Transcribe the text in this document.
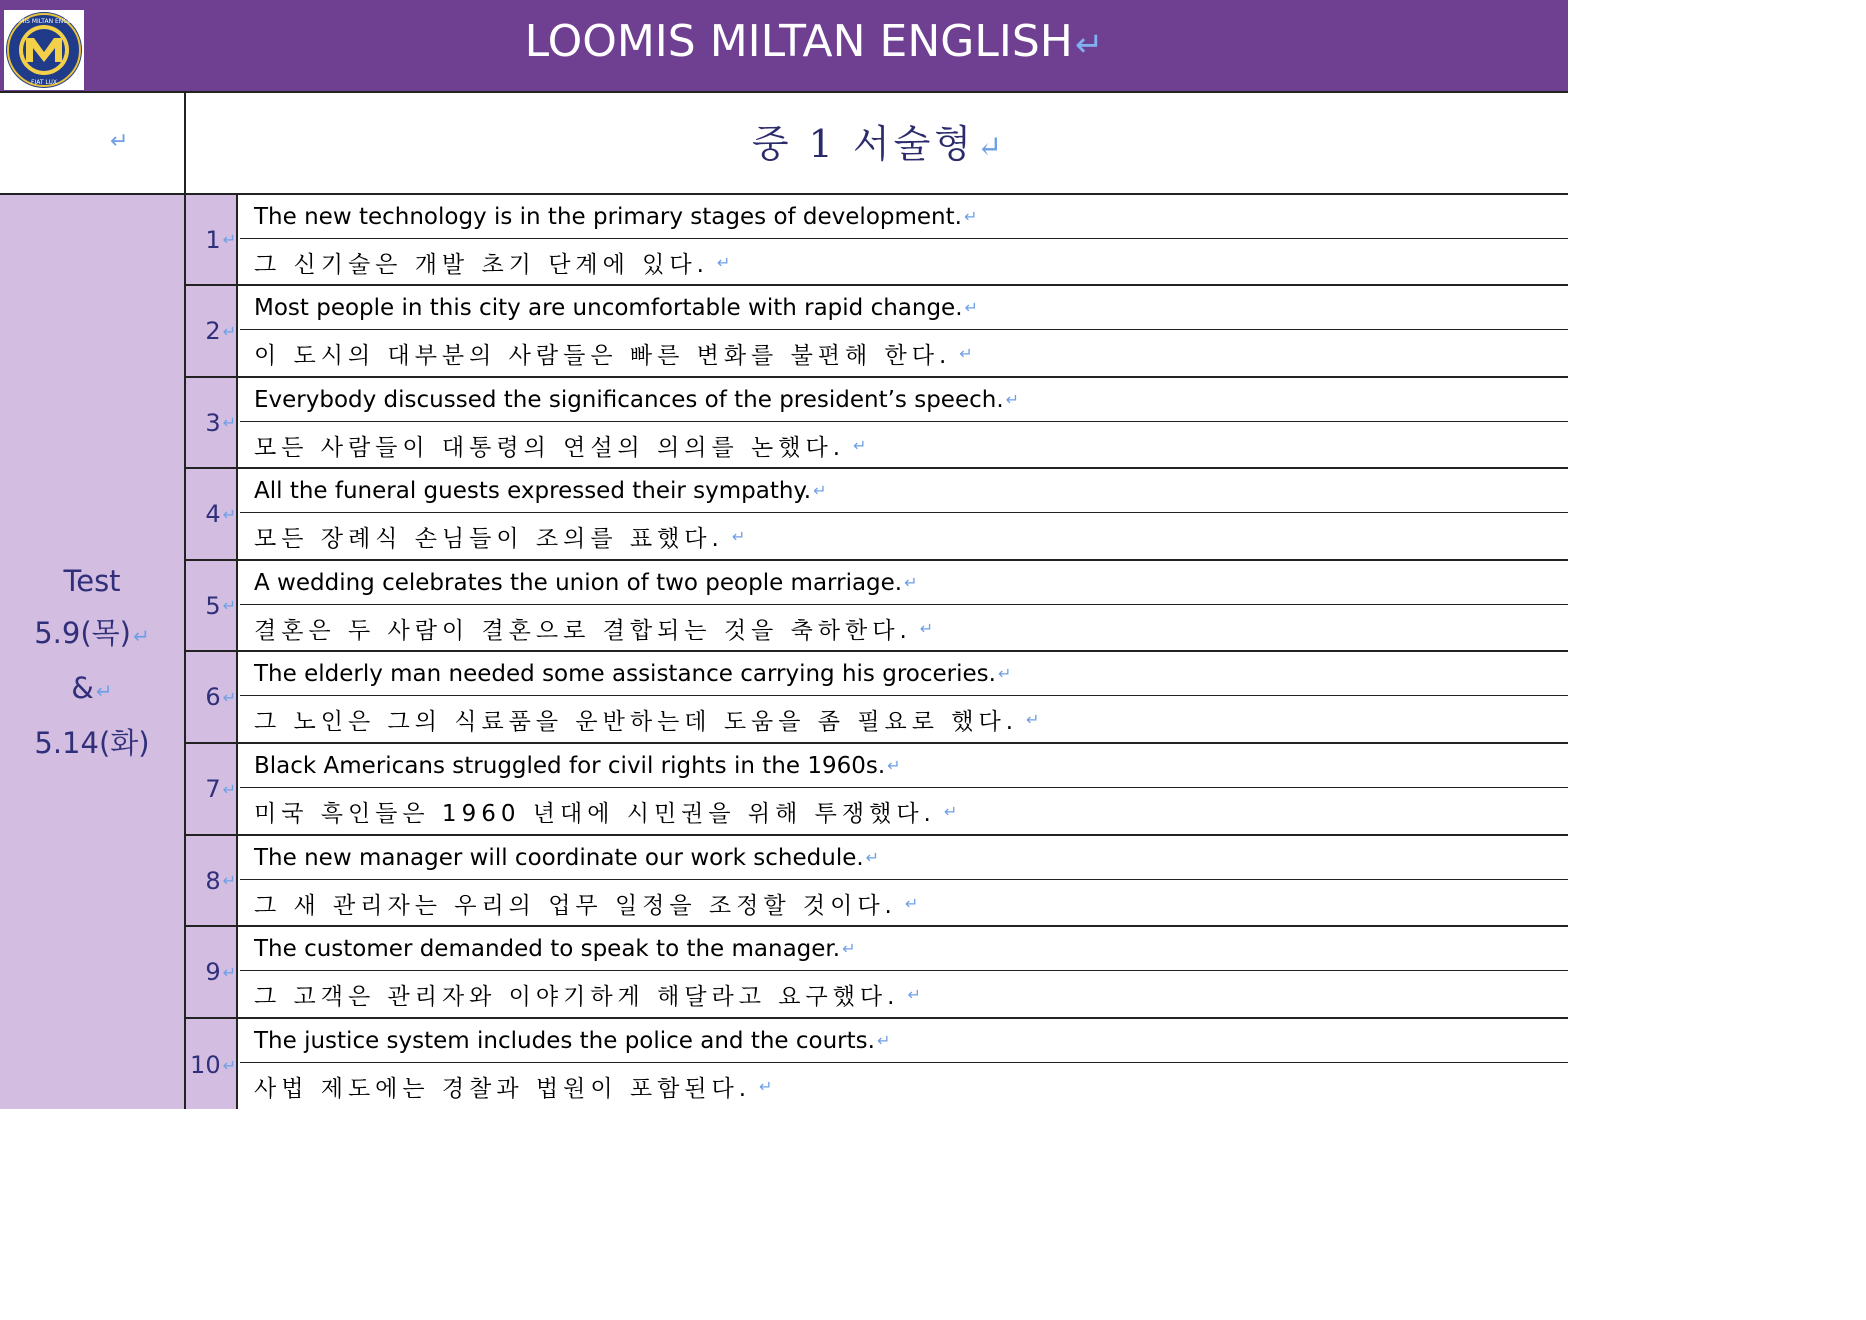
LOOMIS MILTAN ENGLISH
FIAT LUX
L.M.E	LOOMIS MILTAN ENGLISH↵
↵	중 1 서술형↵
Test
5.9(목) ↵
& ↵
5.14(화)
1 ↵
The new technology is in the primary stages of development. ↵
그 신기술은 개발 초기 단계에 있다. ↵
2 ↵
Most people in this city are uncomfortable with rapid change. ↵
이 도시의 대부분의 사람들은 빠른 변화를 불편해 한다. ↵
3 ↵
Everybody discussed the significances of the president’s speech. ↵
모든 사람들이 대통령의 연설의 의의를 논했다. ↵
4 ↵
All the funeral guests expressed their sympathy. ↵
모든 장례식 손님들이 조의를 표했다. ↵
5 ↵
A wedding celebrates the union of two people marriage. ↵
결혼은 두 사람이 결혼으로 결합되는 것을 축하한다. ↵
6 ↵
The elderly man needed some assistance carrying his groceries. ↵
그 노인은 그의 식료품을 운반하는데 도움을 좀 필요로 했다. ↵
7 ↵
Black Americans struggled for civil rights in the 1960s. ↵
미국 흑인들은 1960 년대에 시민권을 위해 투쟁했다. ↵
8 ↵
The new manager will coordinate our work schedule. ↵
그 새 관리자는 우리의 업무 일정을 조정할 것이다. ↵
9 ↵
The customer demanded to speak to the manager. ↵
그 고객은 관리자와 이야기하게 해달라고 요구했다. ↵
10 ↵
The justice system includes the police and the courts. ↵
사법 제도에는 경찰과 법원이 포함된다. ↵
